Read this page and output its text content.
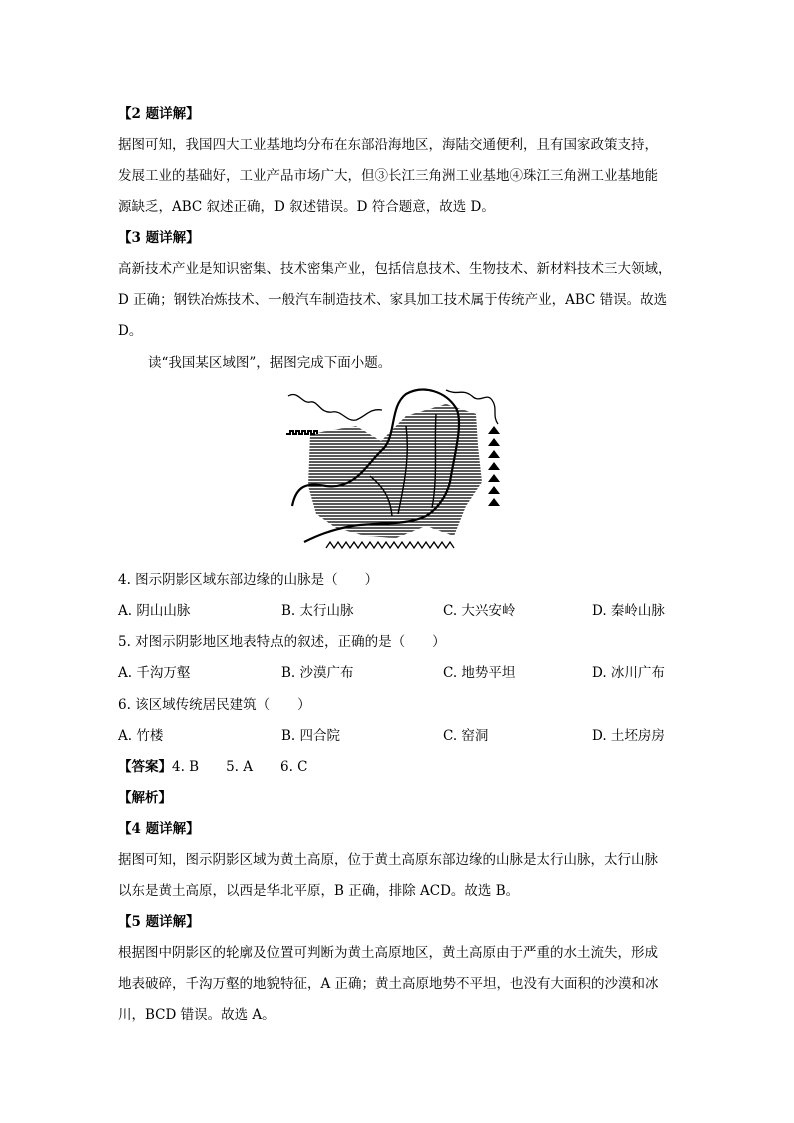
【2 题详解】
据图可知，我国四大工业基地均分布在东部沿海地区，海陆交通便利，且有国家政策支持，
发展工业的基础好，工业产品市场广大，但③长江三角洲工业基地④珠江三角洲工业基地能
源缺乏，ABC 叙述正确，D 叙述错误。D 符合题意，故选 D。
【3 题详解】
高新技术产业是知识密集、技术密集产业，包括信息技术、生物技术、新材料技术三大领域，
D 正确；钢铁冶炼技术、一般汽车制造技术、家具加工技术属于传统产业，ABC 错误。故选
D。
读“我国某区域图”，据图完成下面小题。
4. 图示阴影区域东部边缘的山脉是（　　）
A. 阴山山脉	B. 太行山脉	C. 大兴安岭	D. 秦岭山脉
5. 对图示阴影地区地表特点的叙述，正确的是（　　）
A. 千沟万壑	B. 沙漠广布	C. 地势平坦	D. 冰川广布
6. 该区域传统居民建筑（　　）
A. 竹楼	B. 四合院	C. 窑洞	D. 土坯房房
【答案】4. B　　5. A　　6. C
【解析】
【4 题详解】
据图可知，图示阴影区域为黄土高原，位于黄土高原东部边缘的山脉是太行山脉，太行山脉
以东是黄土高原，以西是华北平原，B 正确，排除 ACD。故选 B。
【5 题详解】
根据图中阴影区的轮廓及位置可判断为黄土高原地区，黄土高原由于严重的水土流失，形成
地表破碎，千沟万壑的地貌特征，A 正确；黄土高原地势不平坦，也没有大面积的沙漠和冰
川，BCD 错误。故选 A。
